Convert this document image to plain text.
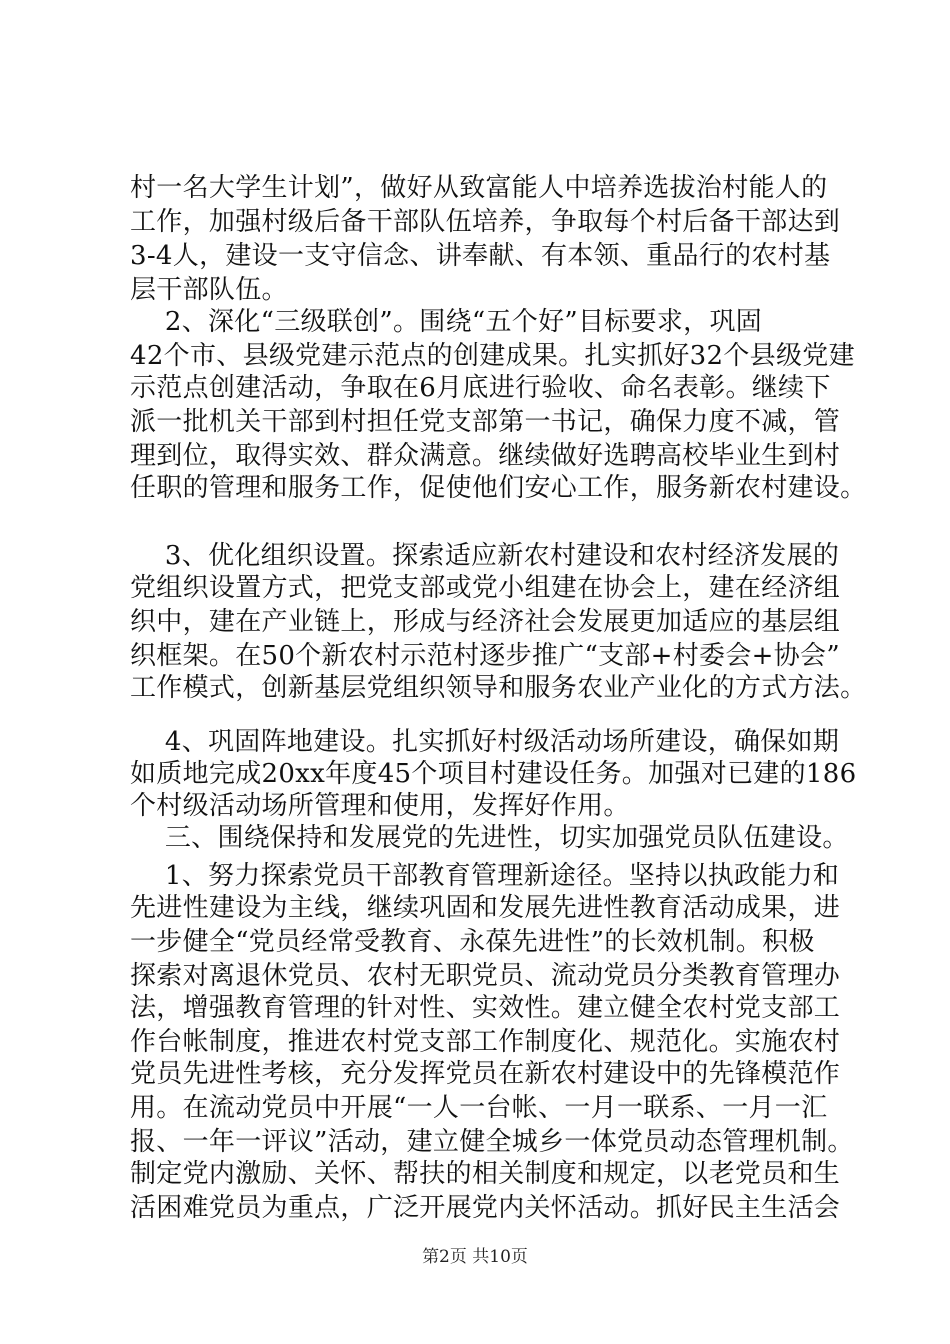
村一名大学生计划”，做好从致富能人中培养选拔治村能人的
工作，加强村级后备干部队伍培养，争取每个村后备干部达到
3-4人，建设一支守信念、讲奉献、有本领、重品行的农村基
层干部队伍。
　 2、深化“三级联创”。围绕“五个好”目标要求，巩固
42个市、县级党建示范点的创建成果。扎实抓好32个县级党建
示范点创建活动，争取在6月底进行验收、命名表彰。继续下
派一批机关干部到村担任党支部第一书记，确保力度不减，管
理到位，取得实效、群众满意。继续做好选聘高校毕业生到村
任职的管理和服务工作，促使他们安心工作，服务新农村建设。
　 3、优化组织设置。探索适应新农村建设和农村经济发展的
党组织设置方式，把党支部或党小组建在协会上，建在经济组
织中，建在产业链上，形成与经济社会发展更加适应的基层组
织框架。在50个新农村示范村逐步推广“支部+村委会+协会”
工作模式，创新基层党组织领导和服务农业产业化的方式方法。
　 4、巩固阵地建设。扎实抓好村级活动场所建设，确保如期
如质地完成20xx年度45个项目村建设任务。加强对已建的186
个村级活动场所管理和使用，发挥好作用。
　 三、围绕保持和发展党的先进性，切实加强党员队伍建设。
　 1、努力探索党员干部教育管理新途径。坚持以执政能力和
先进性建设为主线，继续巩固和发展先进性教育活动成果，进
一步健全“党员经常受教育、永葆先进性”的长效机制。积极
探索对离退休党员、农村无职党员、流动党员分类教育管理办
法，增强教育管理的针对性、实效性。建立健全农村党支部工
作台帐制度，推进农村党支部工作制度化、规范化。实施农村
党员先进性考核，充分发挥党员在新农村建设中的先锋模范作
用。在流动党员中开展“一人一台帐、一月一联系、一月一汇
报、一年一评议”活动，建立健全城乡一体党员动态管理机制。
制定党内激励、关怀、帮扶的相关制度和规定，以老党员和生
活困难党员为重点，广泛开展党内关怀活动。抓好民主生活会
第2页 共10页
